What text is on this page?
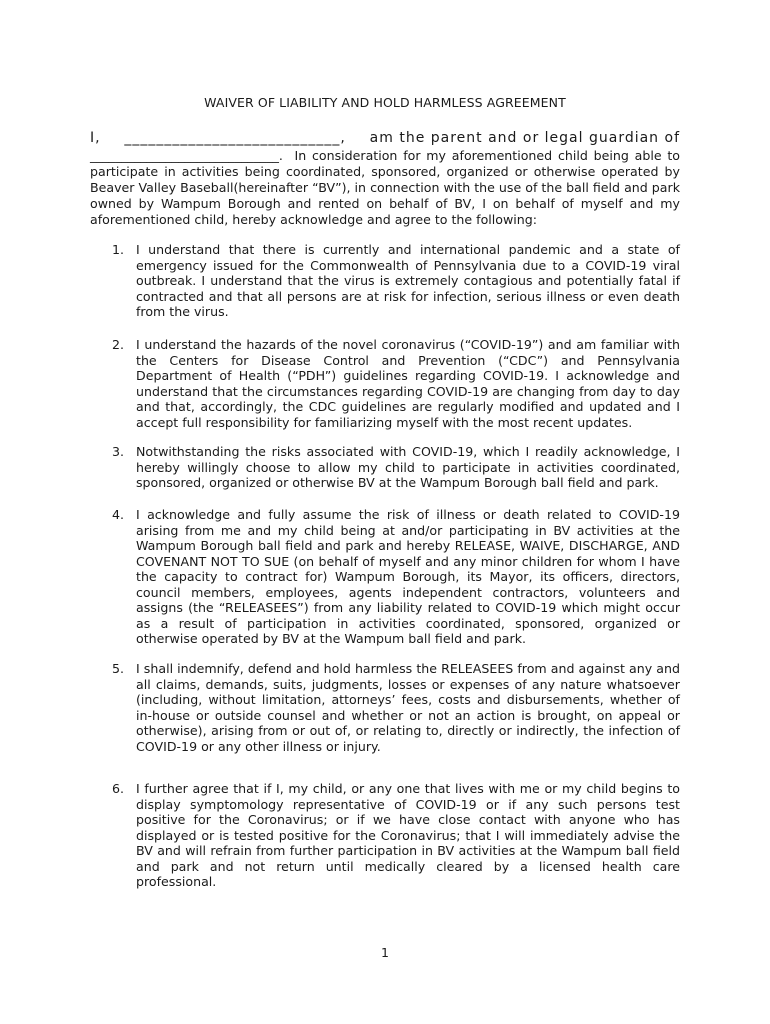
WAIVER OF LIABILITY AND HOLD HARMLESS AGREEMENT
I, ___________________________, am the parent and or legal guardian of
______________________________. In consideration for my aforementioned child being able to participate in activities being coordinated, sponsored, organized or otherwise operated by Beaver Valley Baseball(hereinafter “BV”), in connection with the use of the ball field and park owned by Wampum Borough and rented on behalf of BV, I on behalf of myself and my aforementioned child, hereby acknowledge and agree to the following:
1. I understand that there is currently and international pandemic and a state of emergency issued for the Commonwealth of Pennsylvania due to a COVID-19 viral outbreak. I understand that the virus is extremely contagious and potentially fatal if contracted and that all persons are at risk for infection, serious illness or even death from the virus.
2. I understand the hazards of the novel coronavirus (“COVID-19”) and am familiar with the Centers for Disease Control and Prevention (“CDC”) and Pennsylvania Department of Health (“PDH”) guidelines regarding COVID-19. I acknowledge and understand that the circumstances regarding COVID-19 are changing from day to day and that, accordingly, the CDC guidelines are regularly modified and updated and I accept full responsibility for familiarizing myself with the most recent updates.
3. Notwithstanding the risks associated with COVID-19, which I readily acknowledge, I hereby willingly choose to allow my child to participate in activities coordinated, sponsored, organized or otherwise BV at the Wampum Borough ball field and park.
4. I acknowledge and fully assume the risk of illness or death related to COVID-19 arising from me and my child being at and/or participating in BV activities at the Wampum Borough ball field and park and hereby RELEASE, WAIVE, DISCHARGE, AND COVENANT NOT TO SUE (on behalf of myself and any minor children for whom I have the capacity to contract for) Wampum Borough, its Mayor, its officers, directors, council members, employees, agents independent contractors, volunteers and assigns (the “RELEASEES”) from any liability related to COVID-19 which might occur as a result of participation in activities coordinated, sponsored, organized or otherwise operated by BV at the Wampum ball field and park.
5. I shall indemnify, defend and hold harmless the RELEASEES from and against any and all claims, demands, suits, judgments, losses or expenses of any nature whatsoever (including, without limitation, attorneys’ fees, costs and disbursements, whether of in-house or outside counsel and whether or not an action is brought, on appeal or otherwise), arising from or out of, or relating to, directly or indirectly, the infection of COVID-19 or any other illness or injury.
6. I further agree that if I, my child, or any one that lives with me or my child begins to display symptomology representative of COVID-19 or if any such persons test positive for the Coronavirus; or if we have close contact with anyone who has displayed or is tested positive for the Coronavirus; that I will immediately advise the BV and will refrain from further participation in BV activities at the Wampum ball field and park and not return until medically cleared by a licensed health care professional.
1
